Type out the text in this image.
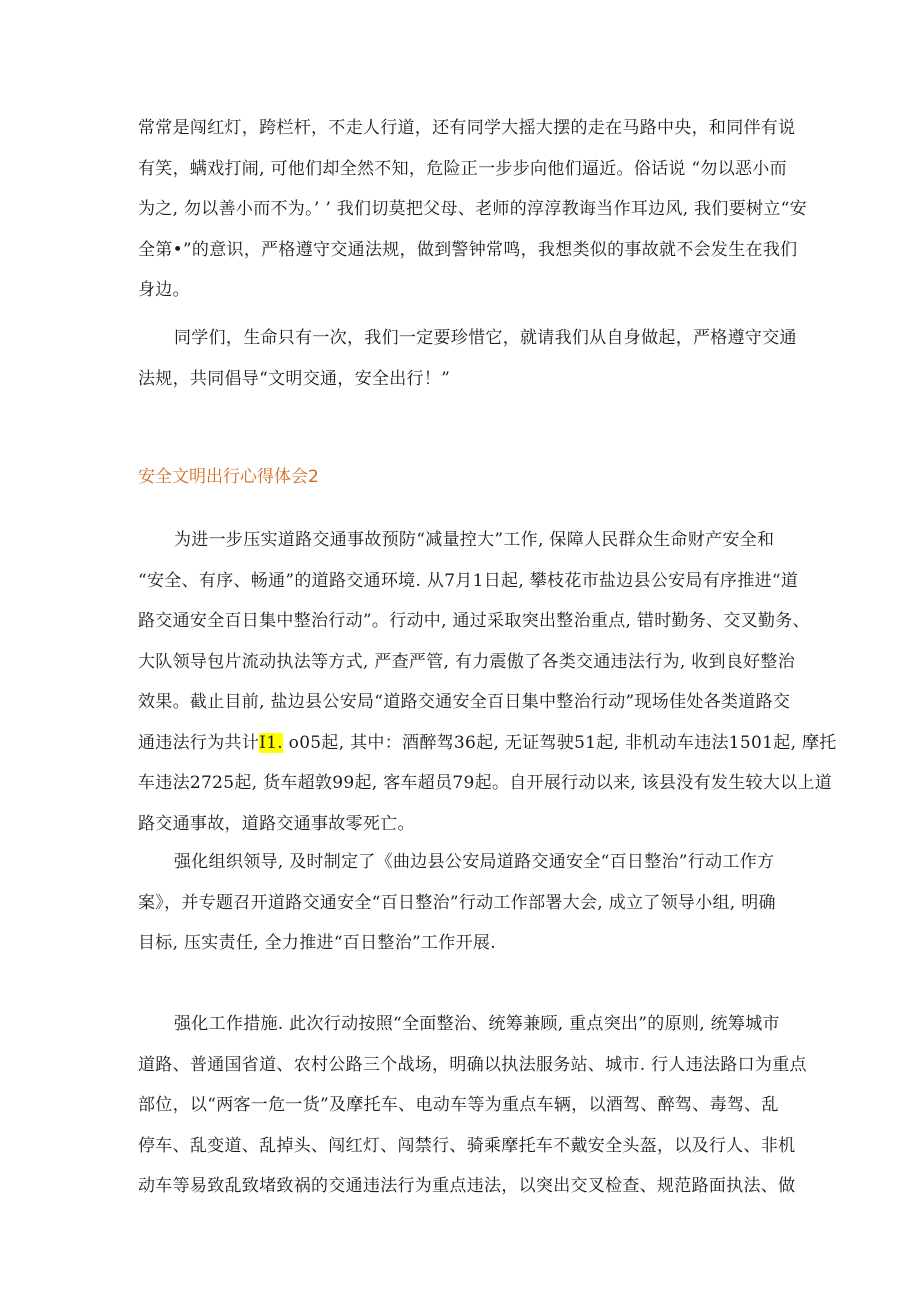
常常是闯红灯，跨栏杆，不走人行道，还有同学大摇大摆的走在马路中央，和同伴有说
有笑，螨戏打闹, 可他们却全然不知，危险正一步步向他们逼近。俗话说 “勿以恶小而
为之, 勿以善小而不为。’ ’ 我们切莫把父母、老师的淳淳教诲当作耳边风, 我们要树立“安
全第•”的意识，严格遵守交通法规，做到警钟常鸣，我想类似的事故就不会发生在我们
身边。

同学们，生命只有一次，我们一定要珍惜它，就请我们从自身做起，严格遵守交通
法规，共同倡导“文明交通，安全出行！”

安全文明出行心得体会2

为进一步压实道路交通事故预防“减量控大”工作, 保障人民群众生命财产安全和
“安全、有序、畅通”的道路交通环境. 从7月1日起, 攀枝花市盐边县公安局有序推进“道
路交通安全百日集中整治行动”。行动中, 通过采取突出整治重点, 错时勤务、交叉勤务、
大队领导包片流动执法等方式, 严查严管, 有力震傲了各类交通违法行为, 收到良好整治
效果。截止目前, 盐边县公安局“道路交通安全百日集中整治行动”现场佳处各类道路交
通违法行为共计I1. o05起, 其中：酒醉驾36起, 无证驾驶51起, 非机动车违法1501起, 摩托
车违法2725起, 货车超敦99起, 客车超员79起。自开展行动以来, 该县没有发生较大以上道
路交通事故，道路交通事故零死亡。

强化组织领导, 及时制定了《曲边县公安局道路交通安全“百日整治”行动工作方
案》，并专题召开道路交通安全“百日整治”行动工作部署大会, 成立了领导小组, 明确
目标, 压实责任, 全力推进“百日整治”工作开展.

强化工作措施. 此次行动按照“全面整治、统筹兼顾, 重点突出”的原则, 统筹城市
道路、普通国省道、农村公路三个战场，明确以执法服务站、城市. 行人违法路口为重点
部位，以“两客一危一货”及摩托车、电动车等为重点车辆，以酒驾、醉驾、毒驾、乱
停车、乱变道、乱掉头、闯红灯、闯禁行、骑乘摩托车不戴安全头盔，以及行人、非机
动车等易致乱致堵致祸的交通违法行为重点违法，以突出交叉检查、规范路面执法、做
